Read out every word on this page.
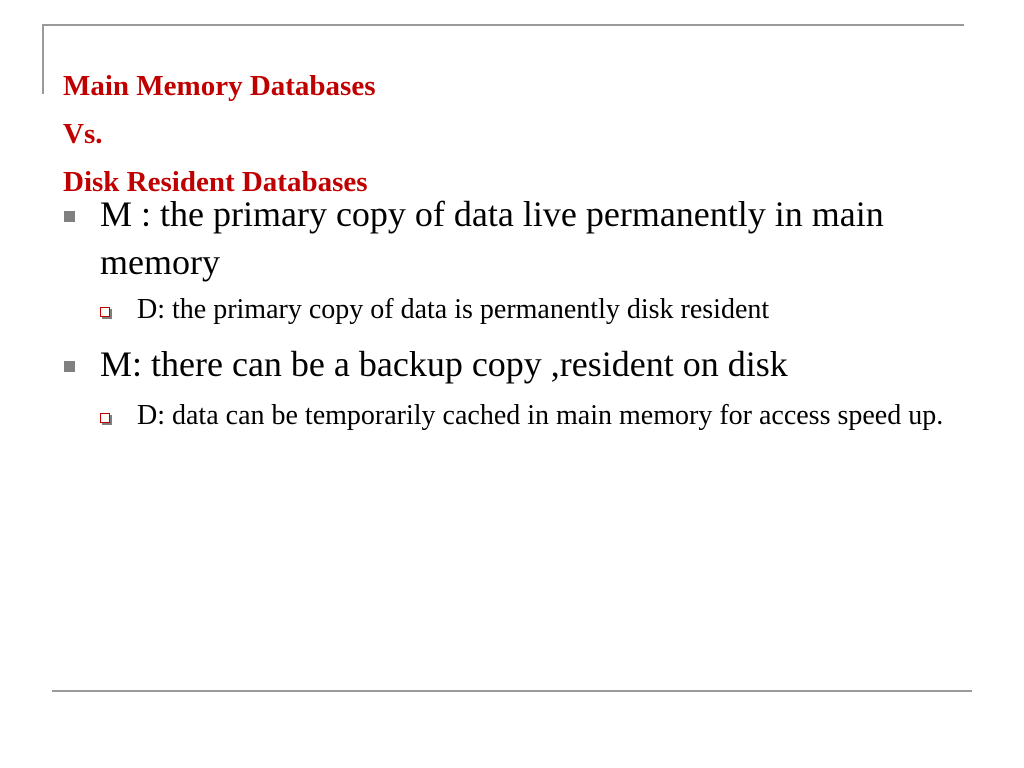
Main Memory Databases
Vs.
Disk Resident Databases
M : the primary copy of data live permanently in main memory
D: the primary copy of data is permanently disk resident
M: there can be a backup copy ,resident on disk
D: data can be temporarily cached in main memory for access speed up.
